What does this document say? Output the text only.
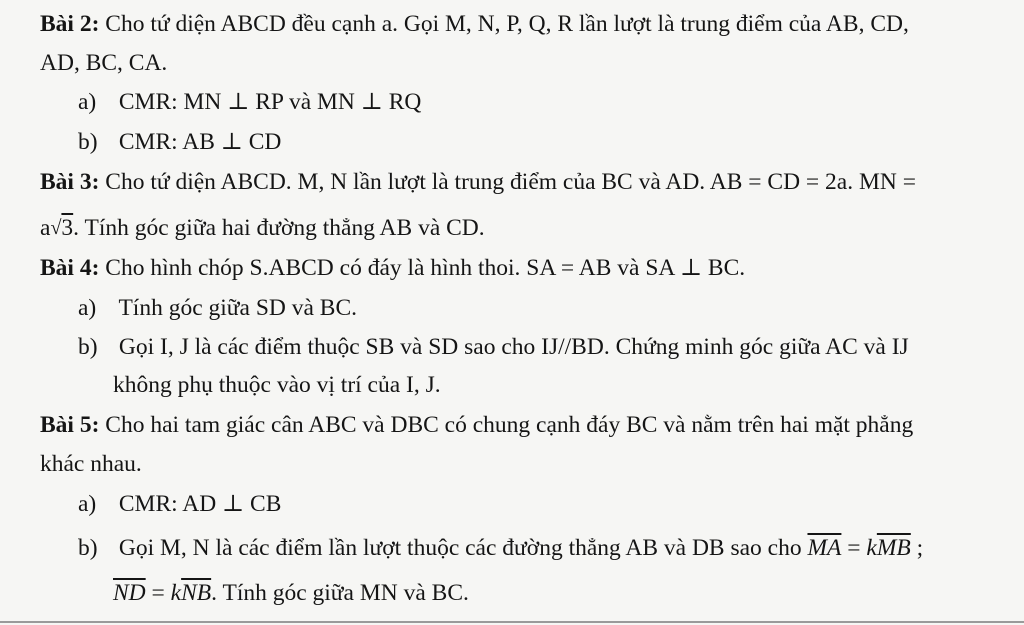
Bài 2: Cho tứ diện ABCD đều cạnh a. Gọi M, N, P, Q, R lần lượt là trung điểm của AB, CD,
AD, BC, CA.
a) CMR: MN ⊥ RP và MN ⊥ RQ
b) CMR: AB ⊥ CD
Bài 3: Cho tứ diện ABCD. M, N lần lượt là trung điểm của BC và AD. AB = CD = 2a. MN =
a√3. Tính góc giữa hai đường thẳng AB và CD.
Bài 4: Cho hình chóp S.ABCD có đáy là hình thoi. SA = AB và SA ⊥ BC.
a) Tính góc giữa SD và BC.
b) Gọi I, J là các điểm thuộc SB và SD sao cho IJ//BD. Chứng minh góc giữa AC và IJ
không phụ thuộc vào vị trí của I, J.
Bài 5: Cho hai tam giác cân ABC và DBC có chung cạnh đáy BC và nằm trên hai mặt phẳng
khác nhau.
a) CMR: AD ⊥ CB
b) Gọi M, N là các điểm lần lượt thuộc các đường thẳng AB và DB sao cho $\overline{MA} = k\overline{MB}$ ;
$\overline{ND} = k\overline{NB}$. Tính góc giữa MN và BC.
